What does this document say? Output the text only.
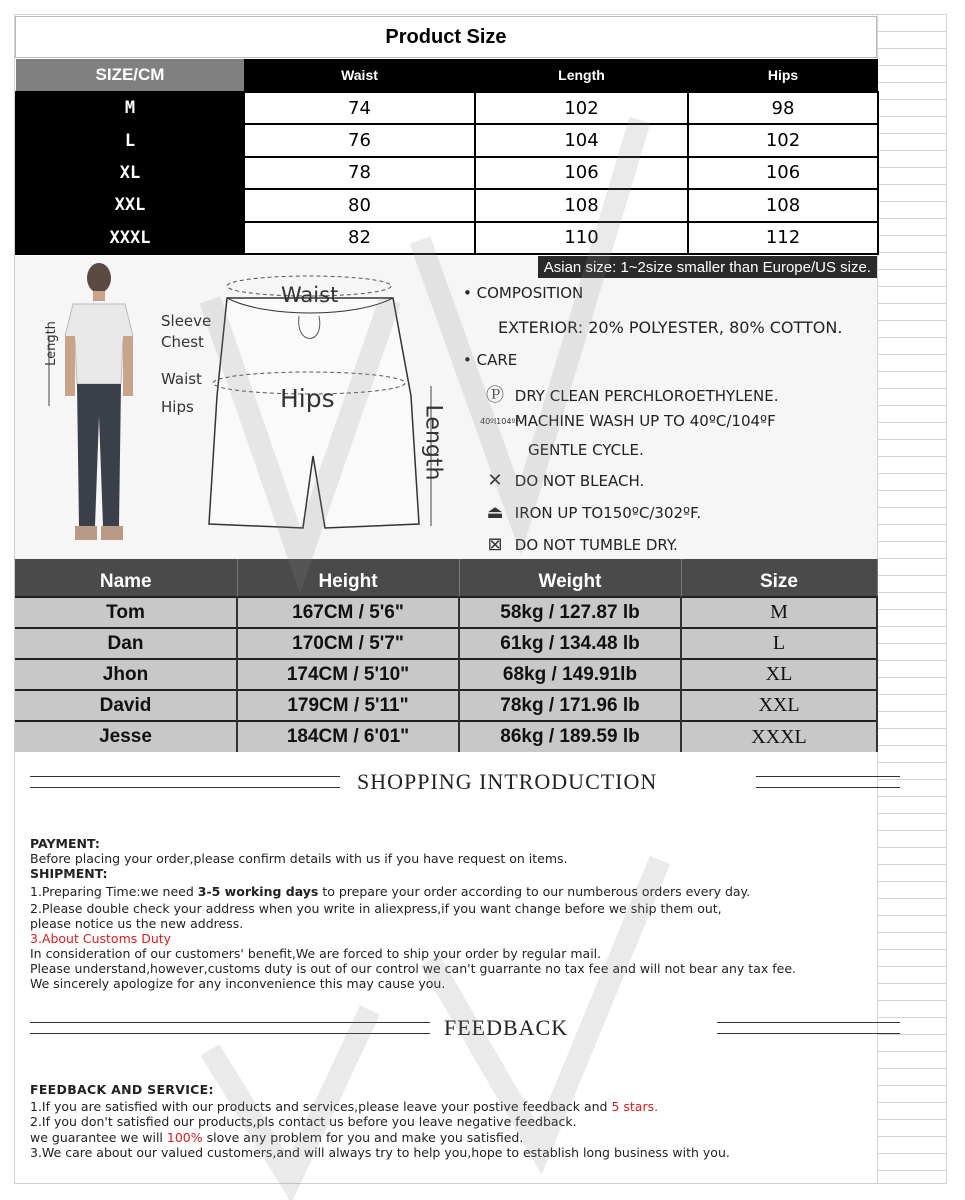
Product Size
SIZE/CM	Waist	Length	Hips
M	74	102	98
L	76	104	102
XL	78	106	106
XXL	80	108	108
XXXL	82	110	112
Length
Sleeve
Chest
Waist
Hips
Waist
Hips
Length
Asian size: 1~2size smaller than Europe/US size.
• COMPOSITION
EXTERIOR: 20% POLYESTER, 80% COTTON.
• CARE
Ⓟ DRY CLEAN PERCHLOROETHYLENE.
40ºl104ºF MACHINE WASH UP TO 40ºC/104ºF
GENTLE CYCLE.
✕ DO NOT BLEACH.
⏏ IRON UP TO150ºC/302ºF.
⊠ DO NOT TUMBLE DRY.
Name	Height	Weight	Size
Tom	167CM / 5'6"	58kg / 127.87 lb	M
Dan	170CM / 5'7"	61kg / 134.48 lb	L
Jhon	174CM / 5'10"	68kg / 149.91lb	XL
David	179CM / 5'11"	78kg / 171.96 lb	XXL
Jesse	184CM / 6'01"	86kg / 189.59 lb	XXXL
SHOPPING INTRODUCTION
PAYMENT:
Before placing your order,please confirm details with us if you have request on items.
SHIPMENT:
1.Preparing Time:we need 3-5 working days to prepare your order according to our numberous orders every day.
2.Please double check your address when you write in aliexpress,if you want change before we ship them out,
please notice us the new address.
3.About Customs Duty
In consideration of our customers' benefit,We are forced to ship your order by regular mail.
Please understand,however,customs duty is out of our control we can't guarrante no tax fee and will not bear any tax fee.
We sincerely apologize for any inconvenience this may cause you.
FEEDBACK
FEEDBACK AND SERVICE:
1.If you are satisfied with our products and services,please leave your postive feedback and 5 stars.
2.If you don't satisfied our products,pls contact us before you leave negative feedback.
we guarantee we will 100% slove any problem for you and make you satisfied.
3.We care about our valued customers,and will always try to help you,hope to establish long business with you.
